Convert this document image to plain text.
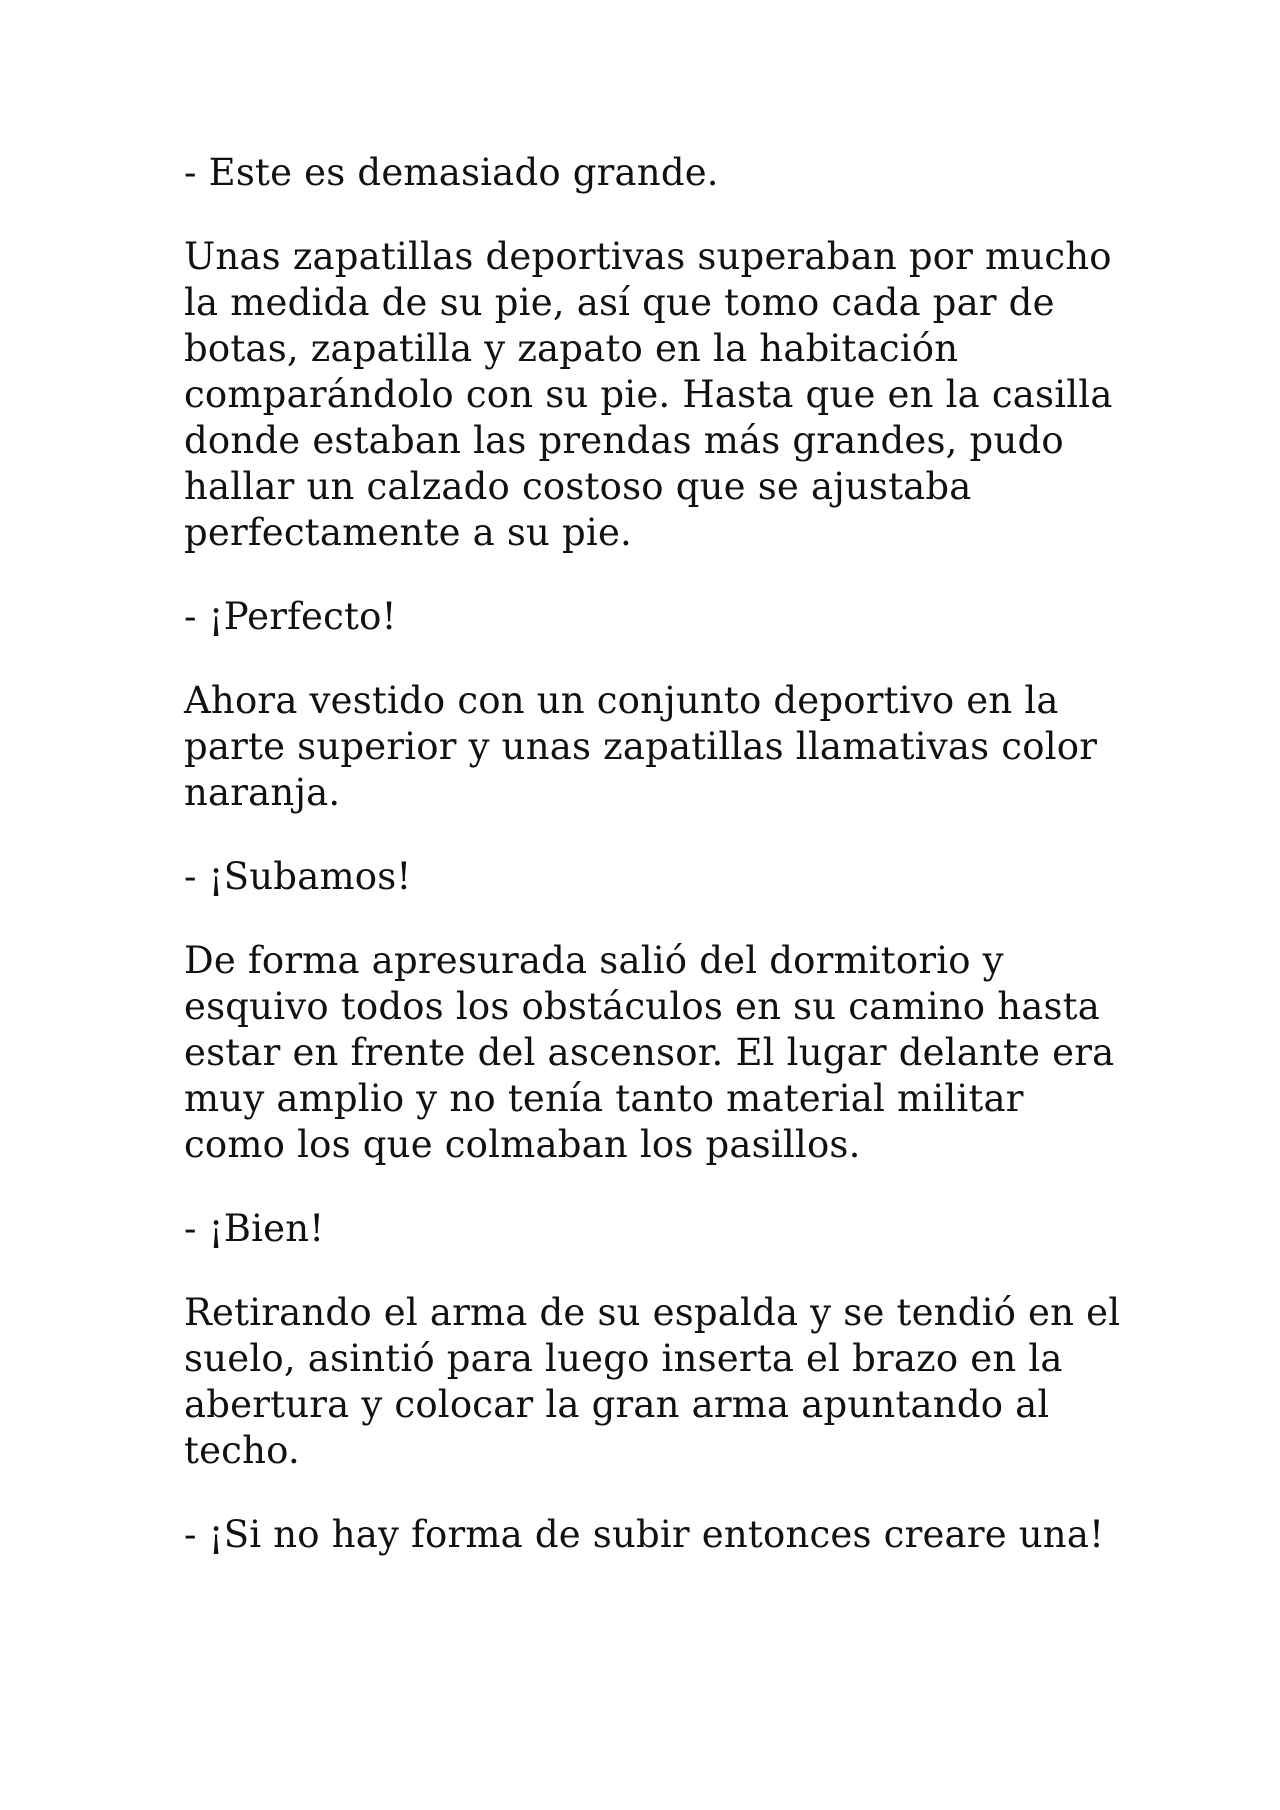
- Este es demasiado grande.

Unas zapatillas deportivas superaban por mucho la medida de su pie, así que tomo cada par de botas, zapatilla y zapato en la habitación comparándolo con su pie. Hasta que en la casilla donde estaban las prendas más grandes, pudo hallar un calzado costoso que se ajustaba perfectamente a su pie.

- ¡Perfecto!

Ahora vestido con un conjunto deportivo en la parte superior y unas zapatillas llamativas color naranja.

- ¡Subamos!

De forma apresurada salió del dormitorio y esquivo todos los obstáculos en su camino hasta estar en frente del ascensor. El lugar delante era muy amplio y no tenía tanto material militar como los que colmaban los pasillos.

- ¡Bien!

Retirando el arma de su espalda y se tendió en el suelo, asintió para luego inserta el brazo en la abertura y colocar la gran arma apuntando al techo.

- ¡Si no hay forma de subir entonces creare una!
